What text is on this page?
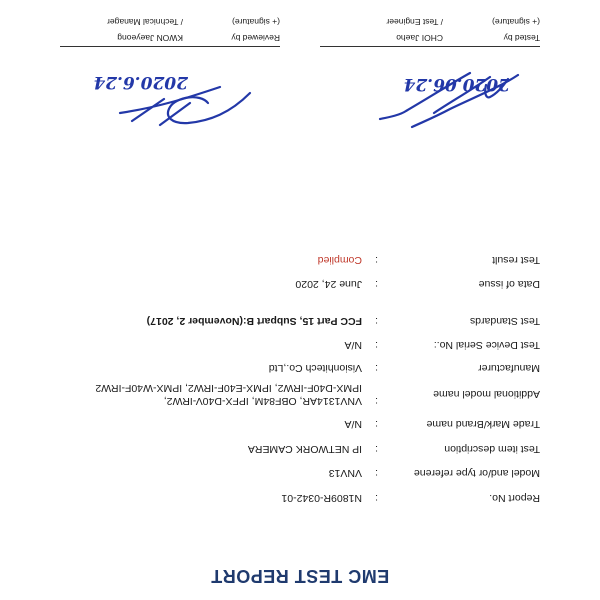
EMC TEST REPORT
Report No.
:
N1809R-0342-01
Model and/or type referene
:
VNV13
Test item description
:
IP NETWORK CAMERA
Trade Mark/Brand name
:
N/A
Additional model name
:
VNV1314AR, OBF84M, IPFX-D40V-IRW2,
IPMX-D40F-IRW2, IPMX-E40F-IRW2, IPMX-W40F-IRW2
Manufacturer
:
Visionhitech Co.,Ltd
Test Device Serial No.:
:
N/A
Test Standards
:
FCC Part 15, Subpart B:(November 2, 2017)
Data of issue
:
June 24, 2020
Test result
:
Complied
2020.06.24
Tested by
CHOI Jaeho
(+ signature)
/ Test Engineer
2020.6.24
Reviewed by
KWON Jaeyeong
(+ signature)
/ Technical Manager
